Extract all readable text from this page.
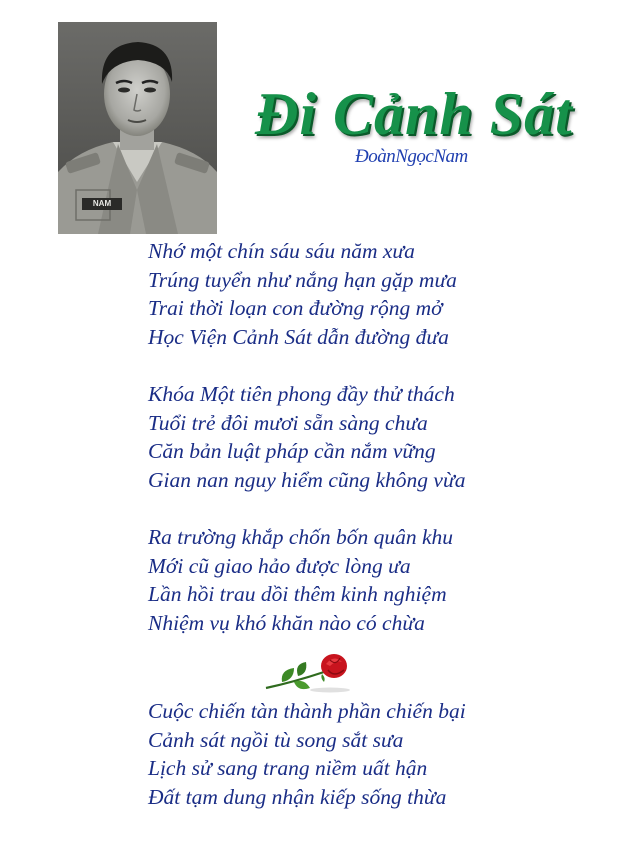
NAM
Đi Cảnh Sát
ĐoànNgọcNam
Nhớ một chín sáu sáu năm xưa
Trúng tuyển như nắng hạn gặp mưa
Trai thời loạn con đường rộng mở
Học Viện Cảnh Sát dẫn đường đưa
Khóa Một tiên phong đầy thử thách
Tuổi trẻ đôi mươi sẵn sàng chưa
Căn bản luật pháp cần nắm vững
Gian nan nguy hiểm cũng không vừa
Ra trường khắp chốn bốn quân khu
Mới cũ giao hảo được lòng ưa
Lần hồi trau dồi thêm kinh nghiệm
Nhiệm vụ khó khăn nào có chừa
Cuộc chiến tàn thành phần chiến bại
Cảnh sát ngồi tù song sắt sưa
Lịch sử sang trang niềm uất hận
Đất tạm dung nhận kiếp sống thừa
